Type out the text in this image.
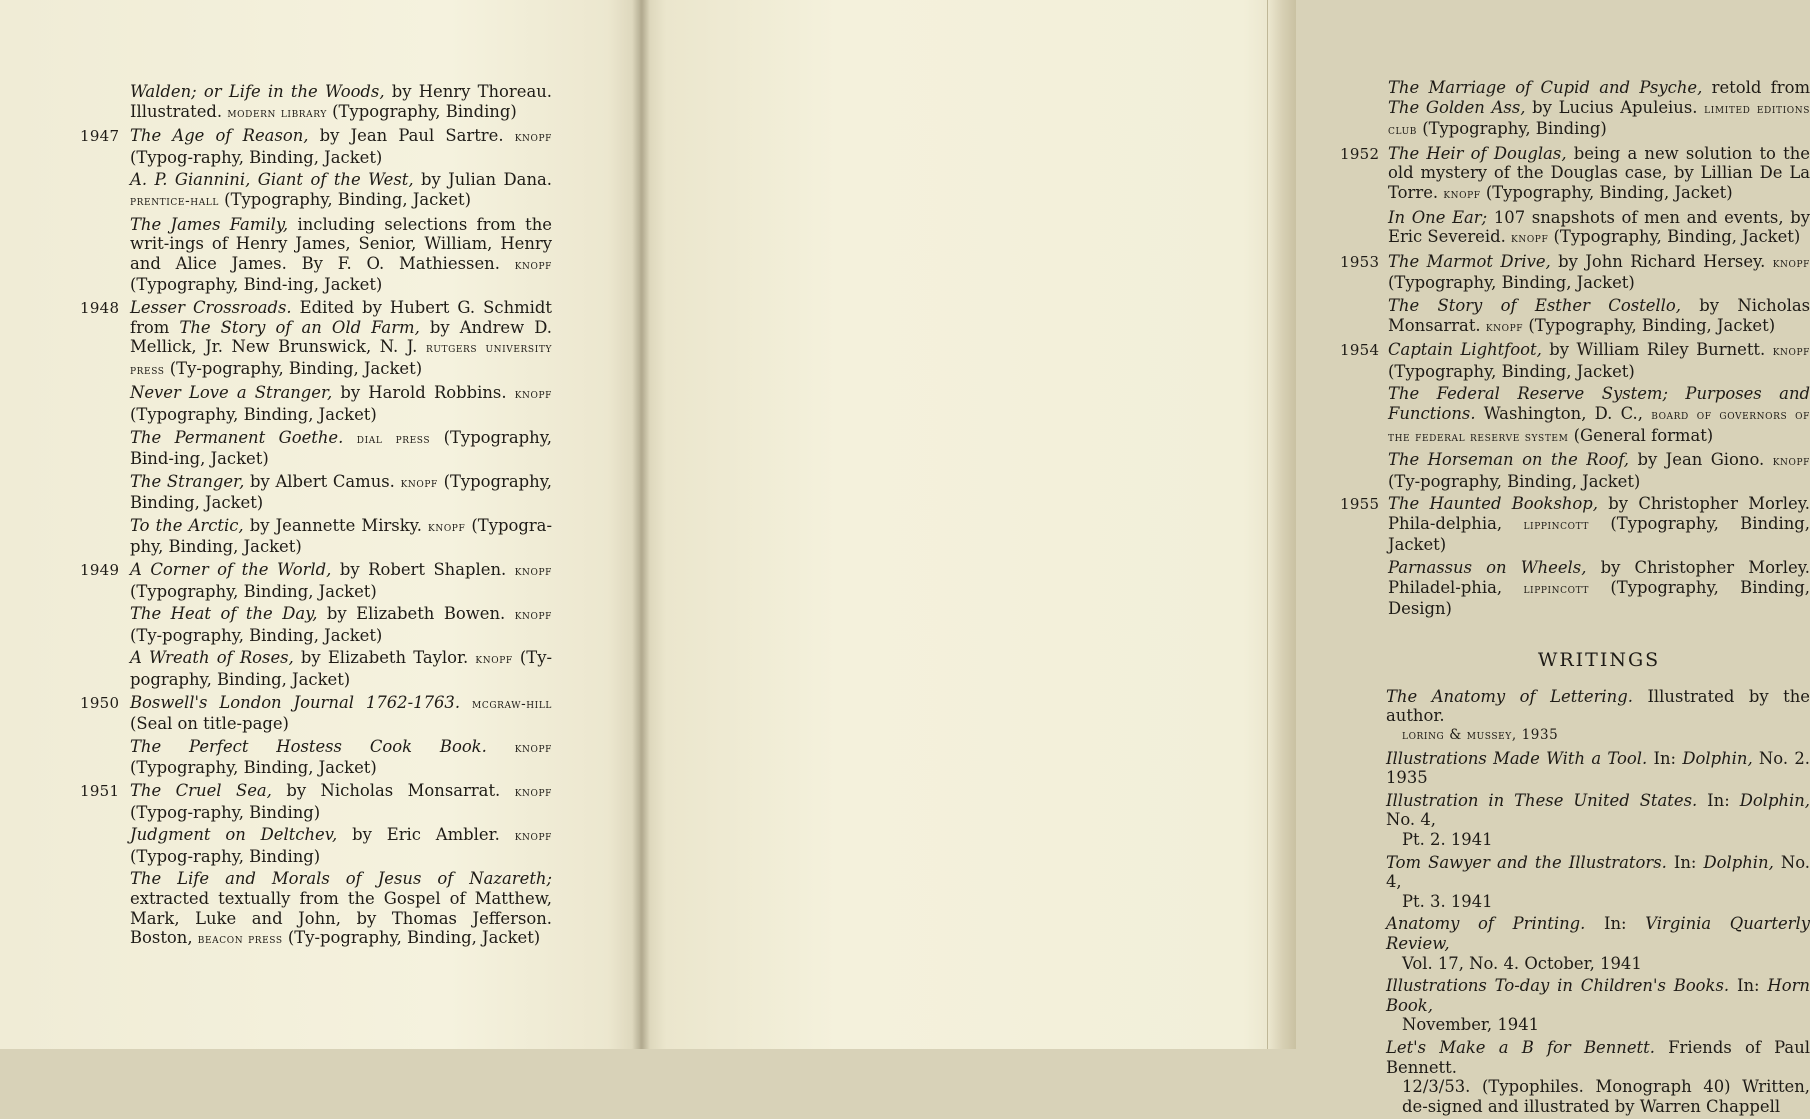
Walden; or Life in the Woods, by Henry Thoreau. Illustrated. modern library (Typography, Binding)
1947 The Age of Reason, by Jean Paul Sartre. knopf (Typog-raphy, Binding, Jacket)
A. P. Giannini, Giant of the West, by Julian Dana. prentice-hall (Typography, Binding, Jacket)
The James Family, including selections from the writ-ings of Henry James, Senior, William, Henry and Alice James. By F. O. Mathiessen. knopf (Typography, Bind-ing, Jacket)
1948 Lesser Crossroads. Edited by Hubert G. Schmidt from The Story of an Old Farm, by Andrew D. Mellick, Jr. New Brunswick, N. J. rutgers university press (Ty-pography, Binding, Jacket)
Never Love a Stranger, by Harold Robbins. knopf (Typography, Binding, Jacket)
The Permanent Goethe. dial press (Typography, Bind-ing, Jacket)
The Stranger, by Albert Camus. knopf (Typography, Binding, Jacket)
To the Arctic, by Jeannette Mirsky. knopf (Typogra-phy, Binding, Jacket)
1949 A Corner of the World, by Robert Shaplen. knopf (Typography, Binding, Jacket)
The Heat of the Day, by Elizabeth Bowen. knopf (Ty-pography, Binding, Jacket)
A Wreath of Roses, by Elizabeth Taylor. knopf (Ty-pography, Binding, Jacket)
1950 Boswell's London Journal 1762-1763. mcgraw-hill (Seal on title-page)
The Perfect Hostess Cook Book. knopf (Typography, Binding, Jacket)
1951 The Cruel Sea, by Nicholas Monsarrat. knopf (Typog-raphy, Binding)
Judgment on Deltchev, by Eric Ambler. knopf (Typog-raphy, Binding)
The Life and Morals of Jesus of Nazareth; extracted textually from the Gospel of Matthew, Mark, Luke and John, by Thomas Jefferson. Boston, beacon press (Ty-pography, Binding, Jacket)
The Marriage of Cupid and Psyche, retold from The Golden Ass, by Lucius Apuleius. limited editions club (Typography, Binding)
1952 The Heir of Douglas, being a new solution to the old mystery of the Douglas case, by Lillian De La Torre. knopf (Typography, Binding, Jacket)
In One Ear; 107 snapshots of men and events, by Eric Severeid. knopf (Typography, Binding, Jacket)
1953 The Marmot Drive, by John Richard Hersey. knopf (Typography, Binding, Jacket)
The Story of Esther Costello, by Nicholas Monsarrat. knopf (Typography, Binding, Jacket)
1954 Captain Lightfoot, by William Riley Burnett. knopf (Typography, Binding, Jacket)
The Federal Reserve System; Purposes and Functions. Washington, D. C., board of governors of the federal reserve system (General format)
The Horseman on the Roof, by Jean Giono. knopf (Ty-pography, Binding, Jacket)
1955 The Haunted Bookshop, by Christopher Morley. Phila-delphia, lippincott (Typography, Binding, Jacket)
Parnassus on Wheels, by Christopher Morley. Philadel-phia, lippincott (Typography, Binding, Design)
WRITINGS
The Anatomy of Lettering. Illustrated by the author.
loring & mussey, 1935
Illustrations Made With a Tool. In: Dolphin, No. 2. 1935
Illustration in These United States. In: Dolphin, No. 4,
Pt. 2. 1941
Tom Sawyer and the Illustrators. In: Dolphin, No. 4,
Pt. 3. 1941
Anatomy of Printing. In: Virginia Quarterly Review,
Vol. 17, No. 4. October, 1941
Illustrations To-day in Children's Books. In: Horn Book,
November, 1941
Let's Make a B for Bennett. Friends of Paul Bennett.
12/3/53. (Typophiles. Monograph 40) Written, de-signed and illustrated by Warren Chappell
